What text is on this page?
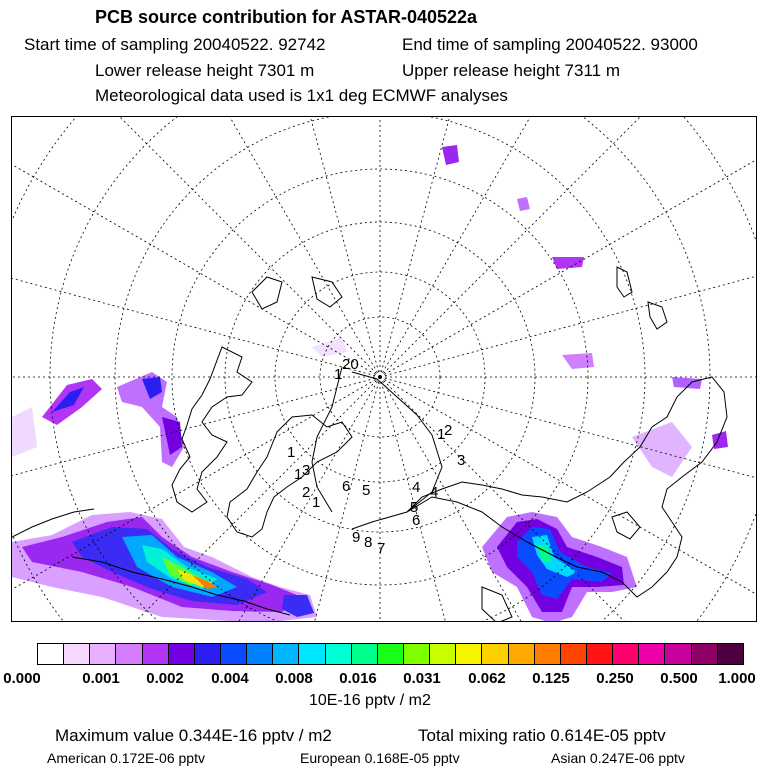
PCB source contribution for ASTAR-040522a
Start time of sampling 20040522. 92742	End time of sampling 20040522. 93000
Lower release height 7301 m	Upper release height 7311 m
Meteorological data used is 1x1 deg ECMWF analyses
20
1
1
2
3
4
5
6
1
1
1
2
3
4
5
6
7
8
9
0.000	0.001 0.002 0.004 0.008 0.016 0.031 0.062 0.125 0.250 0.500 1.000
10E-16 pptv / m2
Maximum value 0.344E-16 pptv / m2	Total mixing ratio 0.614E-05 pptv
American 0.172E-06 pptv	European 0.168E-05 pptv	Asian 0.247E-06 pptv
